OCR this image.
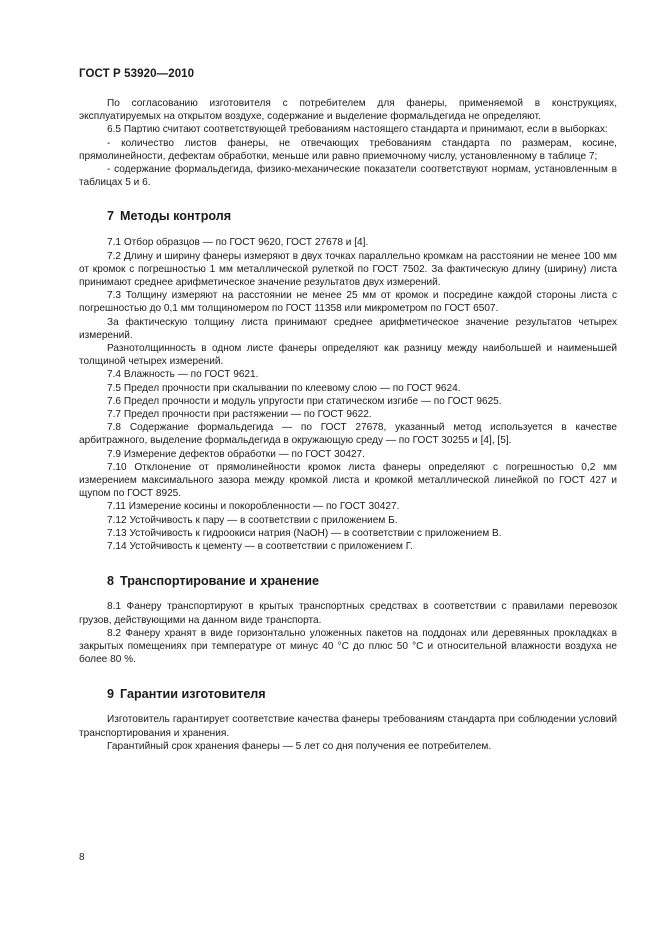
ГОСТ Р 53920—2010

По согласованию изготовителя с потребителем для фанеры, применяемой в конструкциях, эксплуатируемых на открытом воздухе, содержание и выделение формальдегида не определяют.

6.5 Партию считают соответствующей требованиям настоящего стандарта и принимают, если в выборках:

- количество листов фанеры, не отвечающих требованиям стандарта по размерам, косине, прямолинейности, дефектам обработки, меньше или равно приемочному числу, установленному в таблице 7;

- содержание формальдегида, физико-механические показатели соответствуют нормам, установленным в таблицах 5 и 6.

7 Методы контроля

7.1 Отбор образцов — по ГОСТ 9620, ГОСТ 27678 и [4].

7.2 Длину и ширину фанеры измеряют в двух точках параллельно кромкам на расстоянии не менее 100 мм от кромок с погрешностью 1 мм металлической рулеткой по ГОСТ 7502. За фактическую длину (ширину) листа принимают среднее арифметическое значение результатов двух измерений.

7.3 Толщину измеряют на расстоянии не менее 25 мм от кромок и посредине каждой стороны листа с погрешностью до 0,1 мм толщиномером по ГОСТ 11358 или микрометром по ГОСТ 6507.

За фактическую толщину листа принимают среднее арифметическое значение результатов четырех измерений.

Разнотолщинность в одном листе фанеры определяют как разницу между наибольшей и наименьшей толщиной четырех измерений.

7.4 Влажность — по ГОСТ 9621.

7.5 Предел прочности при скалывании по клеевому слою — по ГОСТ 9624.

7.6 Предел прочности и модуль упругости при статическом изгибе — по ГОСТ 9625.

7.7 Предел прочности при растяжении — по ГОСТ 9622.

7.8 Содержание формальдегида — по ГОСТ 27678, указанный метод используется в качестве арбитражного, выделение формальдегида в окружающую среду — по ГОСТ 30255 и [4], [5].

7.9 Измерение дефектов обработки — по ГОСТ 30427.

7.10 Отклонение от прямолинейности кромок листа фанеры определяют с погрешностью 0,2 мм измерением максимального зазора между кромкой листа и кромкой металлической линейкой по ГОСТ 427 и щупом по ГОСТ 8925.

7.11 Измерение косины и покоробленности — по ГОСТ 30427.

7.12 Устойчивость к пару — в соответствии с приложением Б.

7.13 Устойчивость к гидроокиси натрия (NaOH) — в соответствии с приложением В.

7.14 Устойчивость к цементу — в соответствии с приложением Г.

8 Транспортирование и хранение

8.1 Фанеру транспортируют в крытых транспортных средствах в соответствии с правилами перевозок грузов, действующими на данном виде транспорта.

8.2 Фанеру хранят в виде горизонтально уложенных пакетов на поддонах или деревянных прокладках в закрытых помещениях при температуре от минус 40 °С до плюс 50 °С и относительной влажности воздуха не более 80 %.

9 Гарантии изготовителя

Изготовитель гарантирует соответствие качества фанеры требованиям стандарта при соблюдении условий транспортирования и хранения.

Гарантийный срок хранения фанеры — 5 лет со дня получения ее потребителем.

8
